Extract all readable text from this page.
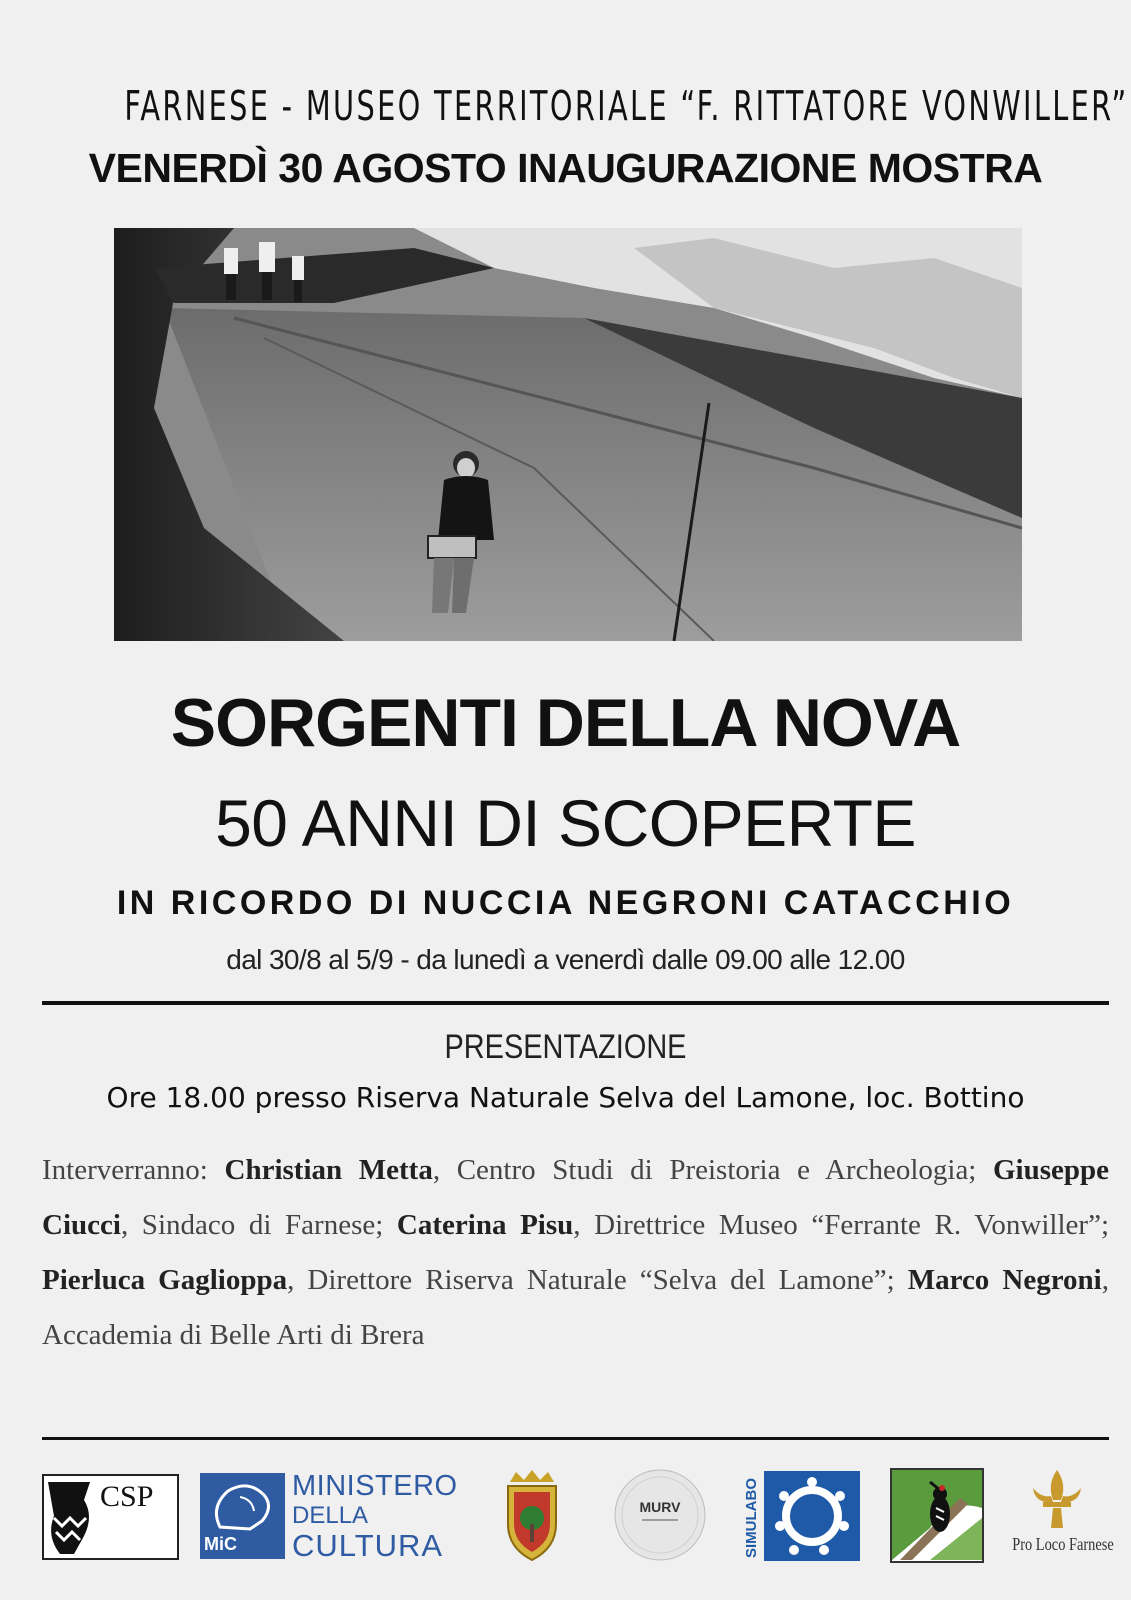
FARNESE - MUSEO TERRITORIALE “F. RITTATORE VONWILLER”
VENERDÌ 30 AGOSTO INAUGURAZIONE MOSTRA
SORGENTI DELLA NOVA
50 ANNI DI SCOPERTE
IN RICORDO DI NUCCIA NEGRONI CATACCHIO
dal 30/8 al 5/9 - da lunedì a venerdì dalle 09.00 alle 12.00
PRESENTAZIONE
Ore 18.00 presso Riserva Naturale Selva del Lamone, loc. Bottino
Interverranno: Christian Metta, Centro Studi di Preistoria e Archeologia; Giuseppe Ciucci, Sindaco di Farnese; Caterina Pisu, Direttrice Museo “Ferrante R. Vonwiller”; Pierluca Gaglioppa, Direttore Riserva Naturale “Selva del Lamone”; Marco Negroni, Accademia di Belle Arti di Brera
CSP
MiC
MINISTERO
DELLA
CULTURA
MURV	SIMULABO	Pro Loco Farnese
